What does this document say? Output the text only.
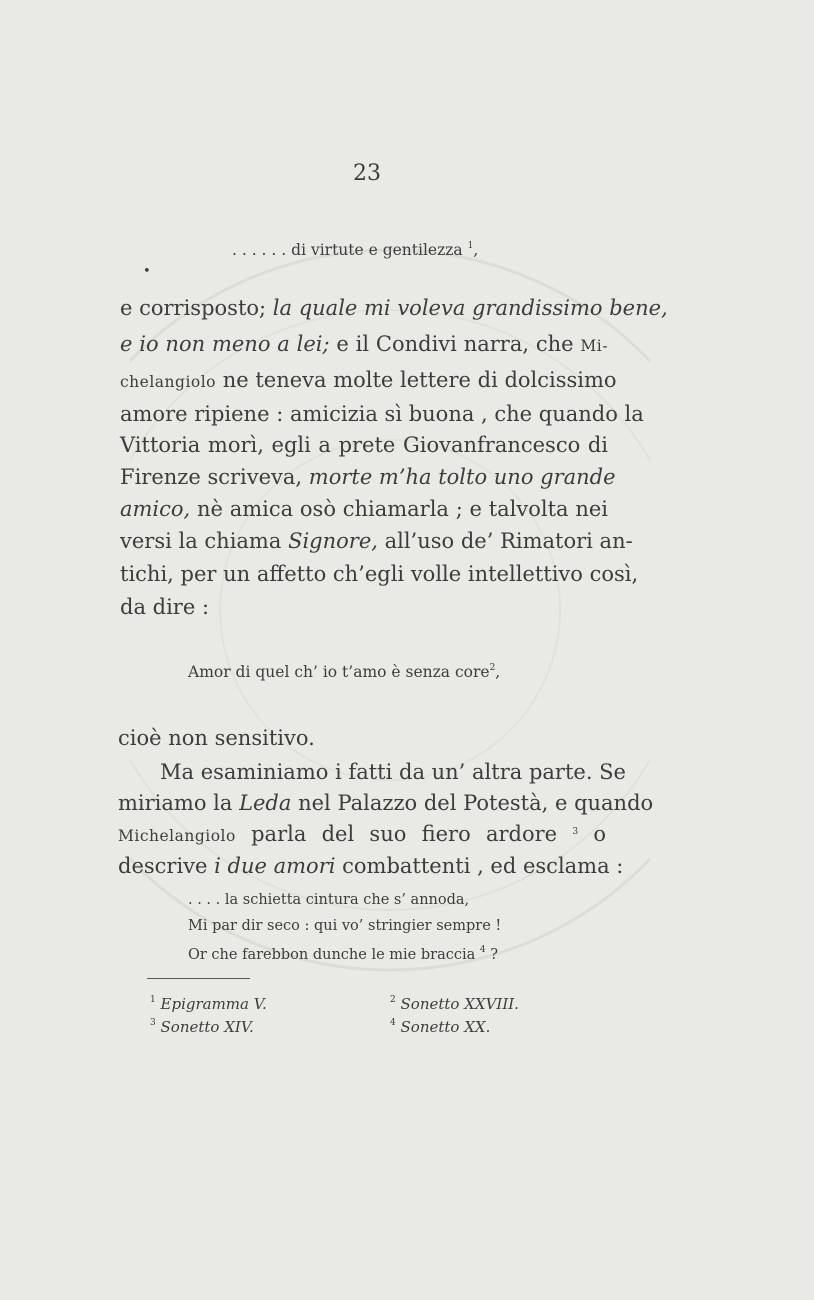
23
. . . . . . di virtute e gentilezza $^1$,
•
e corrisposto; la quale mi voleva grandissimo bene,
e io non meno a lei; e il Condivi narra, che Mi-
chelangiolo ne teneva molte lettere di dolcissimo
amore ripiene : amicizia sì buona , che quando la
Vittoria morì, egli a prete Giovanfrancesco di
Firenze scriveva, morte m’ha tolto uno grande
amico, nè amica osò chiamarla ; e talvolta nei
versi la chiama Signore, all’uso de’ Rimatori an-
tichi, per un affetto ch’egli volle intellettivo così,
da dire :
Amor di quel ch’ io t’amo è senza core$^2$,
cioè non sensitivo.
Ma esaminiamo i fatti da un’ altra parte. Se
miriamo la Leda nel Palazzo del Potestà, e quando
Michelangiolo parla del suo fiero ardore $^3$ o
descrive i due amori combattenti , ed esclama :
. . . . la schietta cintura che s’ annoda,
Mi par dir seco : qui vo’ stringier sempre !
Or che farebbon dunche le mie braccia $^4$ ?
$^1$ Epigramma V.	$^2$ Sonetto XXVIII.
$^3$ Sonetto XIV.	$^4$ Sonetto XX.
